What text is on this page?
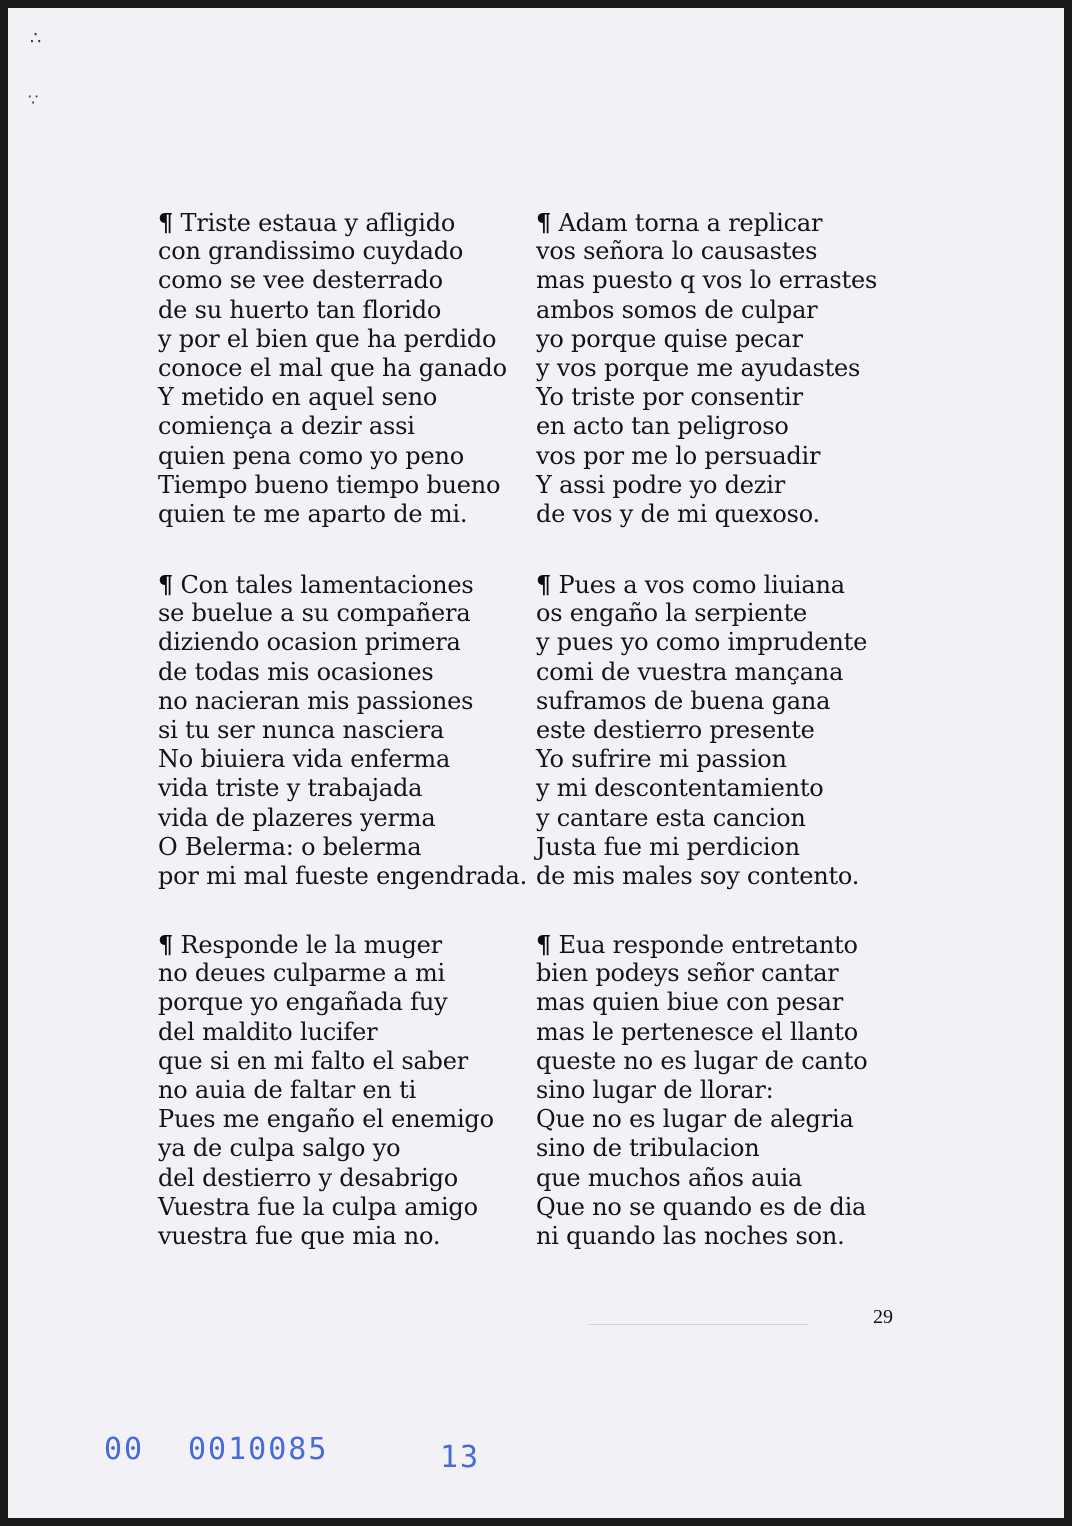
∴
∵
¶ Triste estaua y afligido
con grandissimo cuydado
como se vee desterrado
de su huerto tan florido
y por el bien que ha perdido
conoce el mal que ha ganado
Y metido en aquel seno
comiença a dezir assi
quien pena como yo peno
Tiempo bueno tiempo bueno
quien te me aparto de mi.
¶ Adam torna a replicar
vos señora lo causastes
mas puesto q vos lo errastes
ambos somos de culpar
yo porque quise pecar
y vos porque me ayudastes
Yo triste por consentir
en acto tan peligroso
vos por me lo persuadir
Y assi podre yo dezir
de vos y de mi quexoso.
¶ Con tales lamentaciones
se buelue a su compañera
diziendo ocasion primera
de todas mis ocasiones
no nacieran mis passiones
si tu ser nunca nasciera
No biuiera vida enferma
vida triste y trabajada
vida de plazeres yerma
O Belerma: o belerma
por mi mal fueste engendrada.
¶ Pues a vos como liuiana
os engaño la serpiente
y pues yo como imprudente
comi de vuestra mançana
suframos de buena gana
este destierro presente
Yo sufrire mi passion
y mi descontentamiento
y cantare esta cancion
Justa fue mi perdicion
de mis males soy contento.
¶ Responde le la muger
no deues culparme a mi
porque yo engañada fuy
del maldito lucifer
que si en mi falto el saber
no auia de faltar en ti
Pues me engaño el enemigo
ya de culpa salgo yo
del destierro y desabrigo
Vuestra fue la culpa amigo
vuestra fue que mia no.
¶ Eua responde entretanto
bien podeys señor cantar
mas quien biue con pesar
mas le pertenesce el llanto
queste no es lugar de canto
sino lugar de llorar:
Que no es lugar de alegria
sino de tribulacion
que muchos años auia
Que no se quando es de dia
ni quando las noches son.
29
00 0010085	13
